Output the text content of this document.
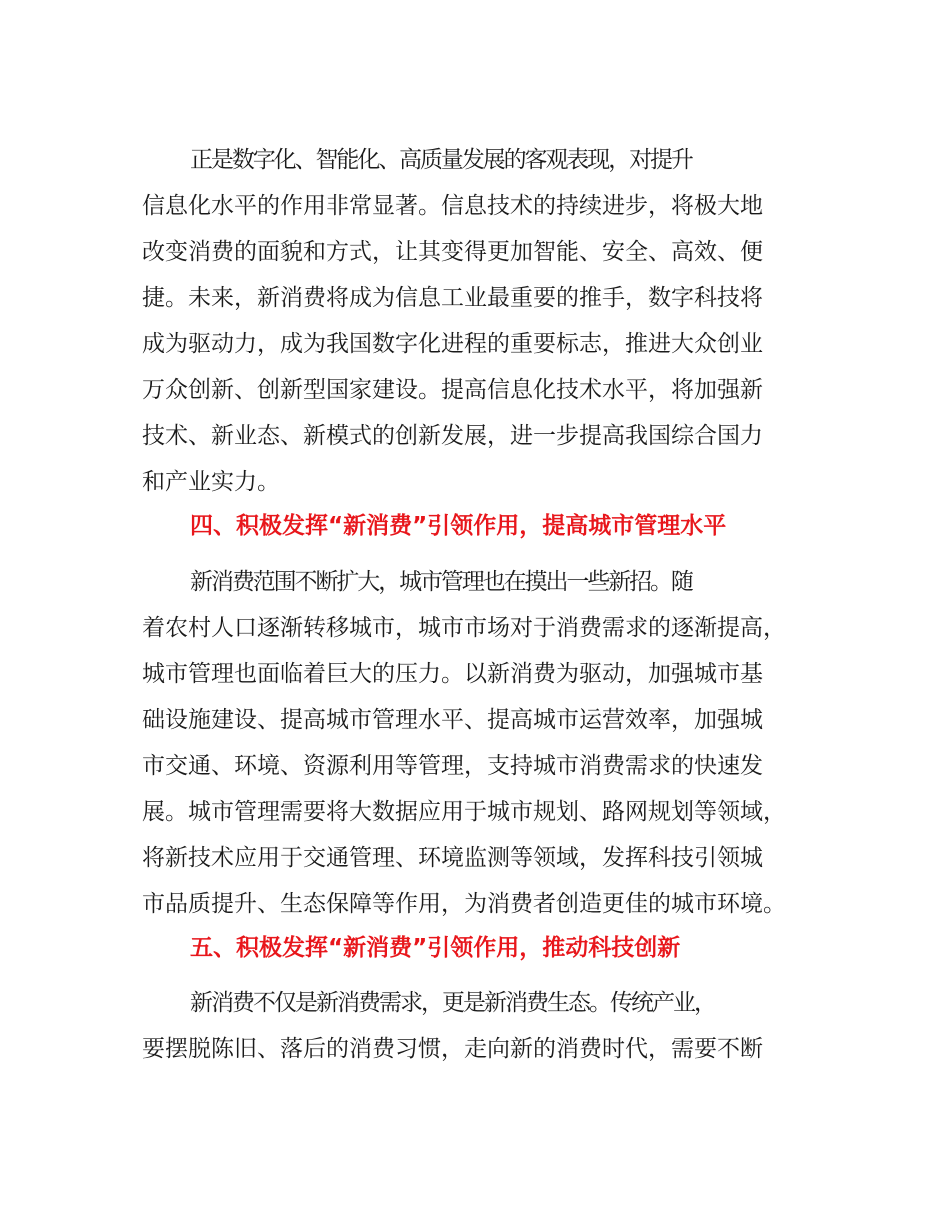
正是数字化、智能化、高质量发展的客观表现，对提升
信息化水平的作用非常显著。信息技术的持续进步，将极大地
改变消费的面貌和方式，让其变得更加智能、安全、高效、便
捷。未来，新消费将成为信息工业最重要的推手，数字科技将
成为驱动力，成为我国数字化进程的重要标志，推进大众创业
万众创新、创新型国家建设。提高信息化技术水平，将加强新
技术、新业态、新模式的创新发展，进一步提高我国综合国力
和产业实力。
四、积极发挥“新消费”引领作用，提高城市管理水平
新消费范围不断扩大，城市管理也在摸出一些新招。随
着农村人口逐渐转移城市，城市市场对于消费需求的逐渐提高，
城市管理也面临着巨大的压力。以新消费为驱动，加强城市基
础设施建设、提高城市管理水平、提高城市运营效率，加强城
市交通、环境、资源利用等管理，支持城市消费需求的快速发
展。城市管理需要将大数据应用于城市规划、路网规划等领域，
将新技术应用于交通管理、环境监测等领域，发挥科技引领城
市品质提升、生态保障等作用，为消费者创造更佳的城市环境。
五、积极发挥“新消费”引领作用，推动科技创新
新消费不仅是新消费需求，更是新消费生态。传统产业，
要摆脱陈旧、落后的消费习惯，走向新的消费时代，需要不断
